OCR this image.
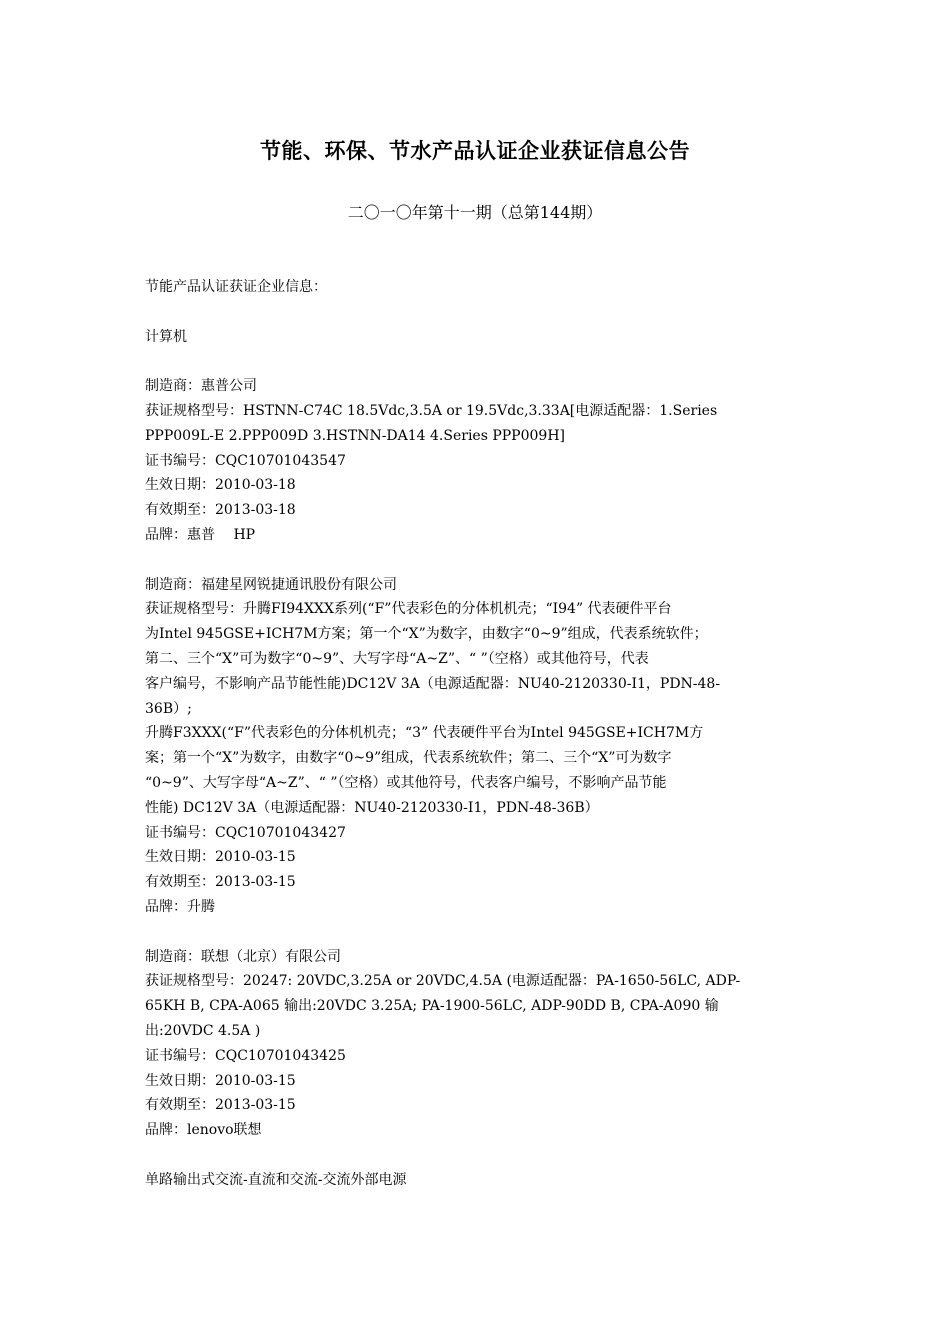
节能、环保、节水产品认证企业获证信息公告
二〇一〇年第十一期（总第144期）

节能产品认证获证企业信息：

计算机

制造商：惠普公司

获证规格型号：HSTNN-C74C 18.5Vdc,3.5A or 19.5Vdc,3.33A[电源适配器：1.Series

PPP009L-E 2.PPP009D 3.HSTNN-DA14 4.Series PPP009H]

证书编号：CQC10701043547

生效日期：2010-03-18

有效期至：2013-03-18

品牌：惠普　 HP

制造商：福建星网锐捷通讯股份有限公司

获证规格型号：升腾FI94XXX系列(“F”代表彩色的分体机机壳；“I94” 代表硬件平台

为Intel 945GSE+ICH7M方案；第一个“X”为数字，由数字“0~9”组成，代表系统软件；

第二、三个“X”可为数字“0~9”、大写字母“A~Z”、“ ”（空格）或其他符号，代表

客户编号，不影响产品节能性能)DC12V 3A（电源适配器：NU40-2120330-I1，PDN-48-

36B）;

升腾F3XXX(“F”代表彩色的分体机机壳；“3” 代表硬件平台为Intel 945GSE+ICH7M方

案；第一个“X”为数字，由数字“0~9”组成，代表系统软件；第二、三个“X”可为数字

“0~9”、大写字母“A~Z”、“ ”（空格）或其他符号，代表客户编号，不影响产品节能

性能) DC12V 3A（电源适配器：NU40-2120330-I1，PDN-48-36B）

证书编号：CQC10701043427

生效日期：2010-03-15

有效期至：2013-03-15

品牌：升腾

制造商：联想（北京）有限公司

获证规格型号：20247: 20VDC,3.25A or 20VDC,4.5A (电源适配器：PA-1650-56LC, ADP-

65KH B, CPA-A065 输出:20VDC 3.25A; PA-1900-56LC, ADP-90DD B, CPA-A090 输

出:20VDC 4.5A )

证书编号：CQC10701043425

生效日期：2010-03-15

有效期至：2013-03-15

品牌：lenovo联想

单路输出式交流-直流和交流-交流外部电源
